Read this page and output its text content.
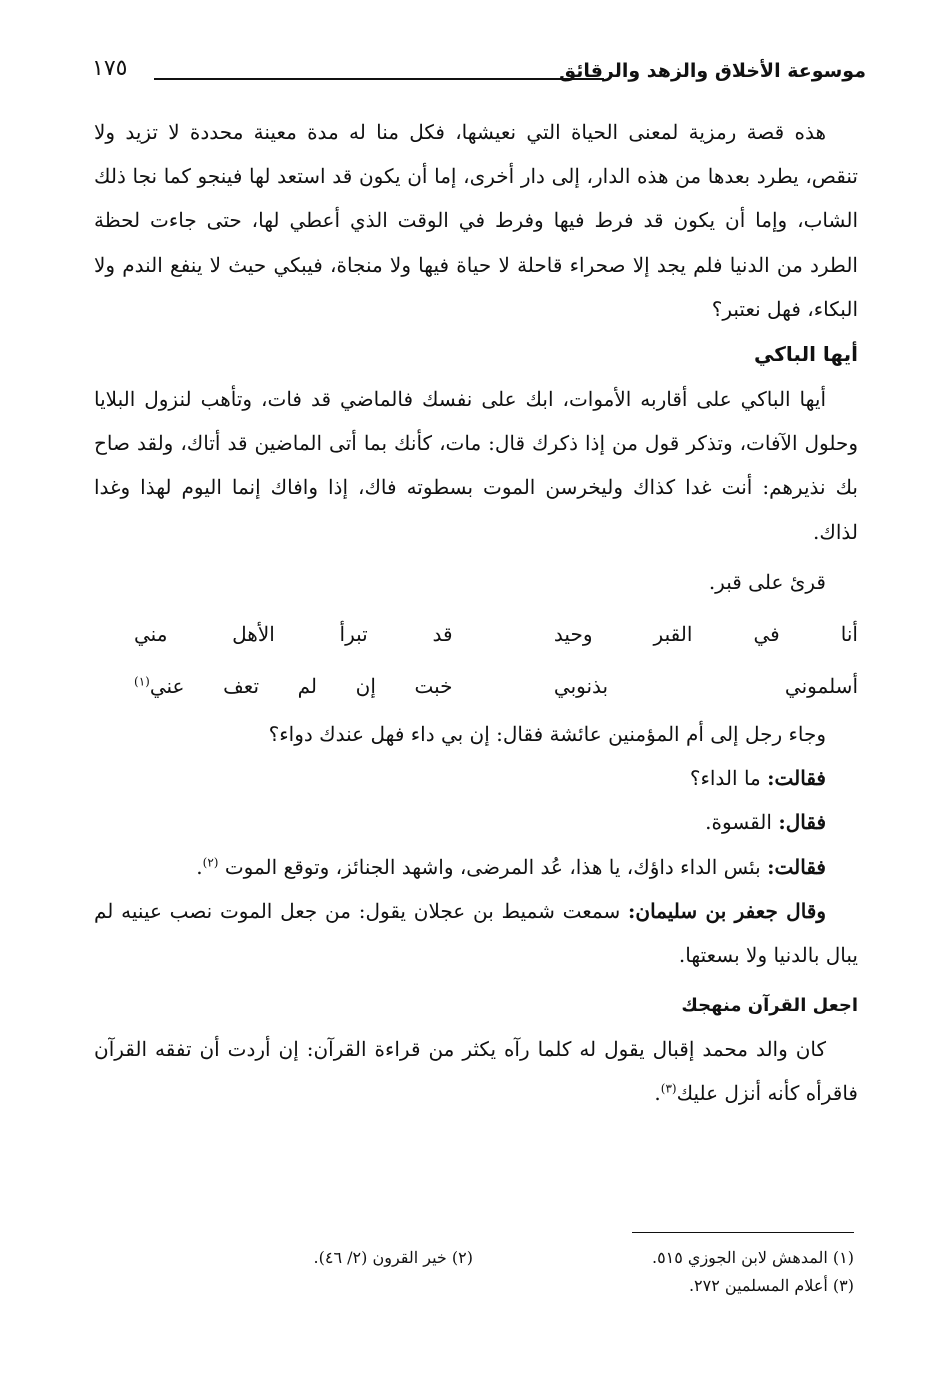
موسوعة الأخلاق والزهد والرقائق
١٧٥

هذه قصة رمزية لمعنى الحياة التي نعيشها، فكل منا له مدة معينة محددة لا تزيد ولا تنقص، يطرد بعدها من هذه الدار، إلى دار أخرى، إما أن يكون قد استعد لها فينجو كما نجا ذلك الشاب، وإما أن يكون قد فرط فيها وفرط في الوقت الذي أعطي لها، حتى جاءت لحظة الطرد من الدنيا فلم يجد إلا صحراء قاحلة لا حياة فيها ولا منجاة، فيبكي حيث لا ينفع الندم ولا البكاء، فهل نعتبر؟

أيها الباكي

أيها الباكي على أقاربه الأموات، ابك على نفسك فالماضي قد فات، وتأهب لنزول البلايا وحلول الآفات، وتذكر قول من إذا ذكرك قال: مات، كأنك بما أتى الماضين قد أتاك، ولقد صاح بك نذيرهم: أنت غدا كذاك وليخرسن الموت بسطوته فاك، إذا وافاك إنما اليوم لهذا وغدا لذاك.

قرئ على قبر.

أنا في القبر وحيد
قد تبرأ الأهل مني
أسلموني بذنوبي
خبت إن لم تعف عني$^{(١)}$

وجاء رجل إلى أم المؤمنين عائشة فقال: إن بي داء فهل عندك دواء؟

فقالت: ما الداء؟

فقال: القسوة.

فقالت: بئس الداء داؤك، يا هذا، عُد المرضى، واشهد الجنائز، وتوقع الموت $^{(٢)}$.

وقال جعفر بن سليمان: سمعت شميط بن عجلان يقول: من جعل الموت نصب عينيه لم يبال بالدنيا ولا بسعتها.

اجعل القرآن منهجك

كان والد محمد إقبال يقول له كلما رآه يكثر من قراءة القرآن: إن أردت أن تفقه القرآن فاقرأه كأنه أنزل عليك$^{(٣)}$.

(١) المدهش لابن الجوزي ٥١٥.
(٢) خير القرون (٢/ ٤٦).
(٣) أعلام المسلمين ٢٧٢.
